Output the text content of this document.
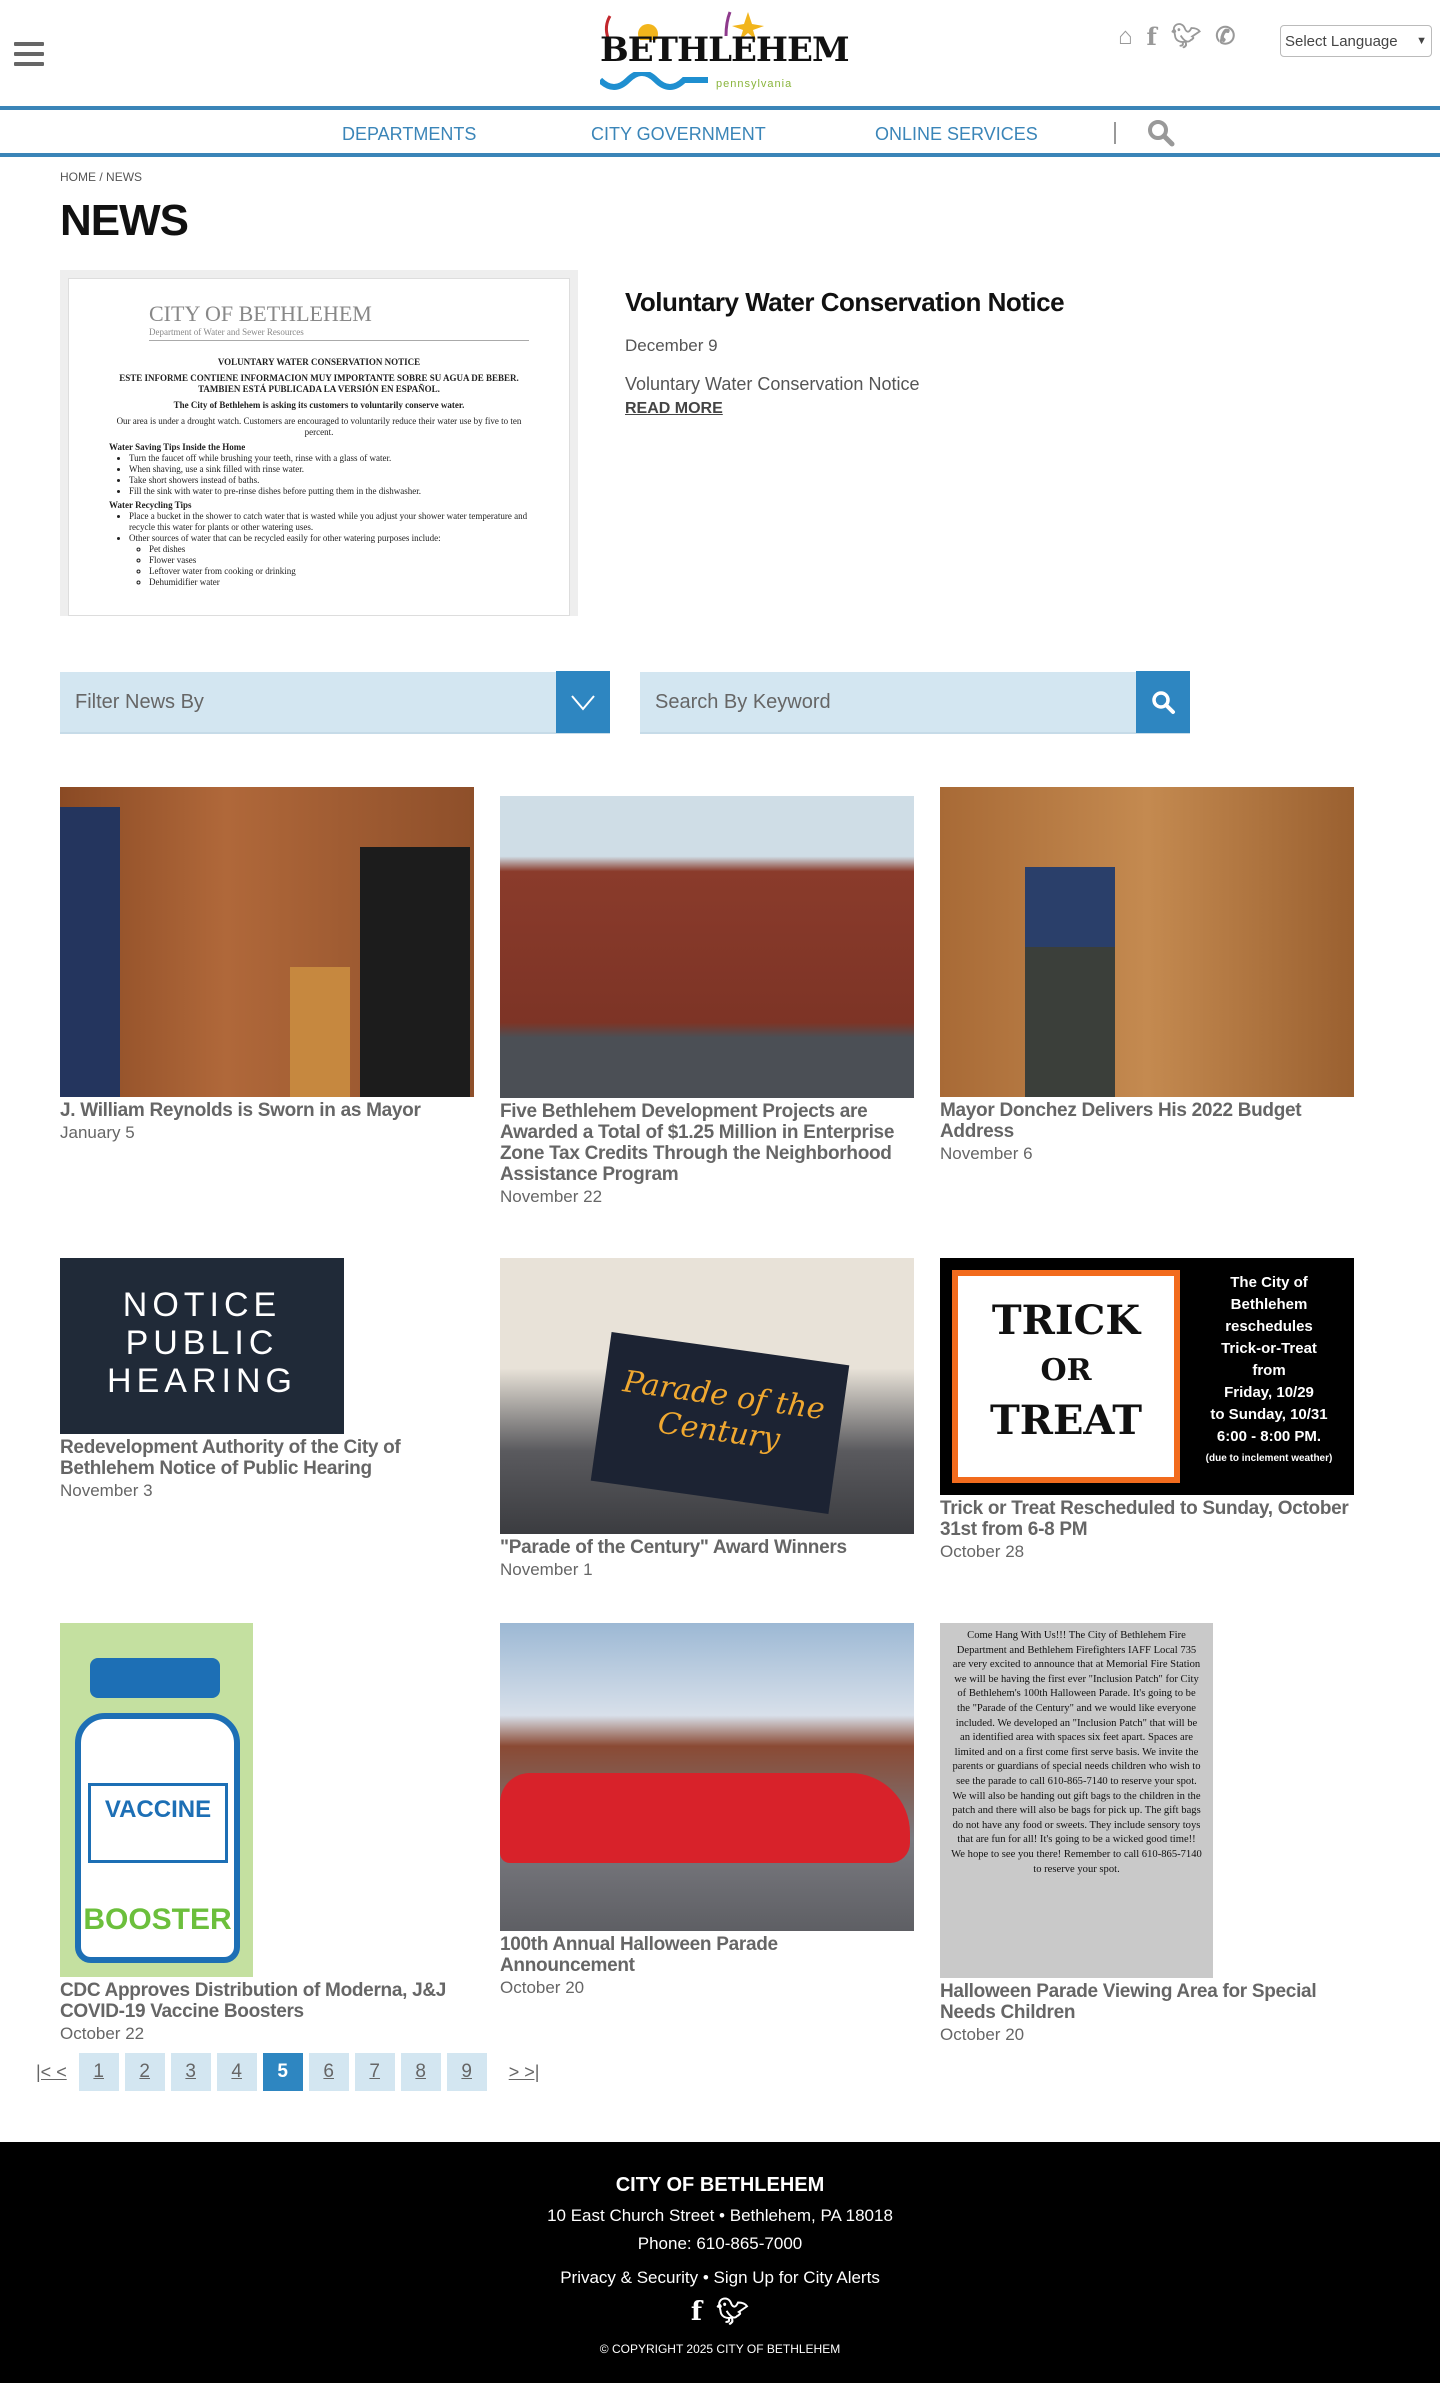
BETHLEHEM
pennsylvania
⌂ f 🐦︎ ✆	Select Language ▼
DEPARTMENTS	CITY GOVERNMENT	ONLINE SERVICES
HOME / NEWS
NEWS
CITY OF BETHLEHEM
Department of Water and Sewer Resources
VOLUNTARY WATER CONSERVATION NOTICE
ESTE INFORME CONTIENE INFORMACION MUY IMPORTANTE SOBRE SU AGUA DE BEBER. TAMBIEN ESTÁ PUBLICADA LA VERSIÓN EN ESPAÑOL.
The City of Bethlehem is asking its customers to voluntarily conserve water.
Our area is under a drought watch. Customers are encouraged to voluntarily reduce their water use by five to ten percent.
Water Saving Tips Inside the Home
• Turn the faucet off while brushing your teeth, rinse with a glass of water.
• When shaving, use a sink filled with rinse water.
• Take short showers instead of baths.
• Fill the sink with water to pre-rinse dishes before putting them in the dishwasher.
Water Recycling Tips
• Place a bucket in the shower to catch water that is wasted while you adjust your shower water temperature and recycle this water for plants or other watering uses.
• Other sources of water that can be recycled easily for other watering purposes include:
◦ Pet dishes
◦ Flower vases
◦ Leftover water from cooking or drinking
◦ Dehumidifier water
Voluntary Water Conservation Notice
December 9
Voluntary Water Conservation Notice
READ MORE
Filter News By	Search By Keyword
J. William Reynolds is Sworn in as Mayor
January 5
Five Bethlehem Development Projects are Awarded a Total of $1.25 Million in Enterprise Zone Tax Credits Through the Neighborhood Assistance Program
November 22
Mayor Donchez Delivers His 2022 Budget Address
November 6
NOTICE
PUBLIC
HEARING
Redevelopment Authority of the City of Bethlehem Notice of Public Hearing
November 3
Parade of the Century
"Parade of the Century" Award Winners
November 1
TRICK
OR
TREAT
The City of
Bethlehem
reschedules
Trick-or-Treat
from
Friday, 10/29
to Sunday, 10/31
6:00 - 8:00 PM.
(due to inclement weather)
Trick or Treat Rescheduled to Sunday, October 31st from 6-8 PM
October 28
VACCINE
BOOSTER
CDC Approves Distribution of Moderna, J&J COVID-19 Vaccine Boosters
October 22
100th Annual Halloween Parade Announcement
October 20
Come Hang With Us!!! The City of Bethlehem Fire Department and Bethlehem Firefighters IAFF Local 735 are very excited to announce that at Memorial Fire Station we will be having the first ever "Inclusion Patch" for City of Bethlehem's 100th Halloween Parade. It's going to be the "Parade of the Century" and we would like everyone included. We developed an "Inclusion Patch" that will be an identified area with spaces six feet apart. Spaces are limited and on a first come first serve basis. We invite the parents or guardians of special needs children who wish to see the parade to call 610-865-7140 to reserve your spot. We will also be handing out gift bags to the children in the patch and there will also be bags for pick up. The gift bags do not have any food or sweets. They include sensory toys that are fun for all! It's going to be a wicked good time!! We hope to see you there! Remember to call 610-865-7140 to reserve your spot.
Halloween Parade Viewing Area for Special Needs Children
October 20
|< <	1	2	3	4	5	6	7	8	9	> >|
CITY OF BETHLEHEM
10 East Church Street • Bethlehem, PA 18018
Phone: 610-865-7000
Privacy & Security • Sign Up for City Alerts
f 🐦︎
© COPYRIGHT 2025 CITY OF BETHLEHEM
